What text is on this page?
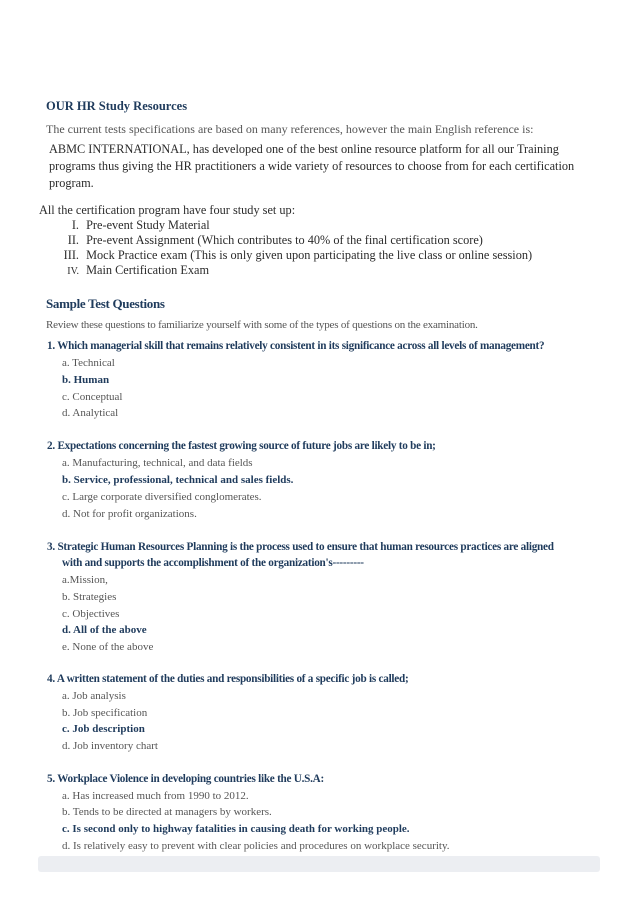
OUR HR Study Resources
The current tests specifications are based on many references, however the main English reference is:
ABMC INTERNATIONAL, has developed one of the best online resource platform for all our Training
programs thus giving the HR practitioners a wide variety of resources to choose from for each certification
program.
All the certification program have four study set up:
I. Pre-event Study Material
II. Pre-event Assignment (Which contributes to 40% of the final certification score)
III. Mock Practice exam (This is only given upon participating the live class or online session)
IV. Main Certification Exam
Sample Test Questions
Review these questions to familiarize yourself with some of the types of questions on the examination.
1. Which managerial skill that remains relatively consistent in its significance across all levels of management?
a. Technical
b. Human
c. Conceptual
d. Analytical
2. Expectations concerning the fastest growing source of future jobs are likely to be in;
a. Manufacturing, technical, and data fields
b. Service, professional, technical and sales fields.
c. Large corporate diversified conglomerates.
d. Not for profit organizations.
3. Strategic Human Resources Planning is the process used to ensure that human resources practices are aligned
with and supports the accomplishment of the organization's---------
a.Mission,
b. Strategies
c. Objectives
d. All of the above
e. None of the above
4. A written statement of the duties and responsibilities of a specific job is called;
a. Job analysis
b. Job specification
c. Job description
d. Job inventory chart
5. Workplace Violence in developing countries like the U.S.A:
a. Has increased much from 1990 to 2012.
b. Tends to be directed at managers by workers.
c. Is second only to highway fatalities in causing death for working people.
d. Is relatively easy to prevent with clear policies and procedures on workplace security.
